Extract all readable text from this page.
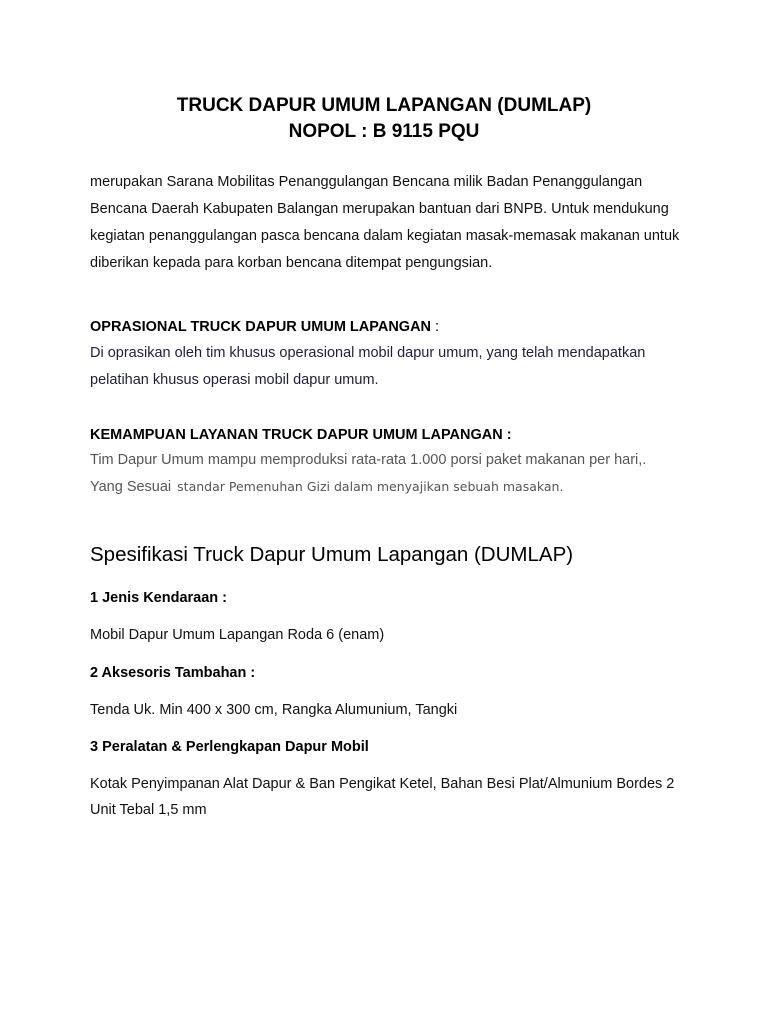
TRUCK DAPUR UMUM LAPANGAN (DUMLAP)
NOPOL : B 9115 PQU
merupakan Sarana Mobilitas Penanggulangan Bencana milik Badan Penanggulangan Bencana Daerah Kabupaten Balangan merupakan bantuan dari BNPB. Untuk mendukung kegiatan penanggulangan pasca bencana dalam kegiatan masak-memasak makanan untuk diberikan kepada para korban bencana ditempat pengungsian.
OPRASIONAL TRUCK DAPUR UMUM LAPANGAN :
Di oprasikan oleh tim khusus operasional mobil dapur umum, yang telah mendapatkan pelatihan khusus operasi mobil dapur umum.
KEMAMPUAN LAYANAN TRUCK DAPUR UMUM LAPANGAN :
Tim Dapur Umum mampu memproduksi rata-rata 1.000 porsi paket makanan per hari,.
Yang Sesuai standar Pemenuhan Gizi dalam menyajikan sebuah masakan.
Spesifikasi Truck Dapur Umum Lapangan (DUMLAP)
1 Jenis Kendaraan :
Mobil Dapur Umum Lapangan Roda 6 (enam)
2 Aksesoris Tambahan :
Tenda Uk. Min 400 x 300 cm, Rangka Alumunium, Tangki
3 Peralatan & Perlengkapan Dapur Mobil
Kotak Penyimpanan Alat Dapur & Ban Pengikat Ketel, Bahan Besi Plat/Almunium Bordes 2 Unit Tebal 1,5 mm
